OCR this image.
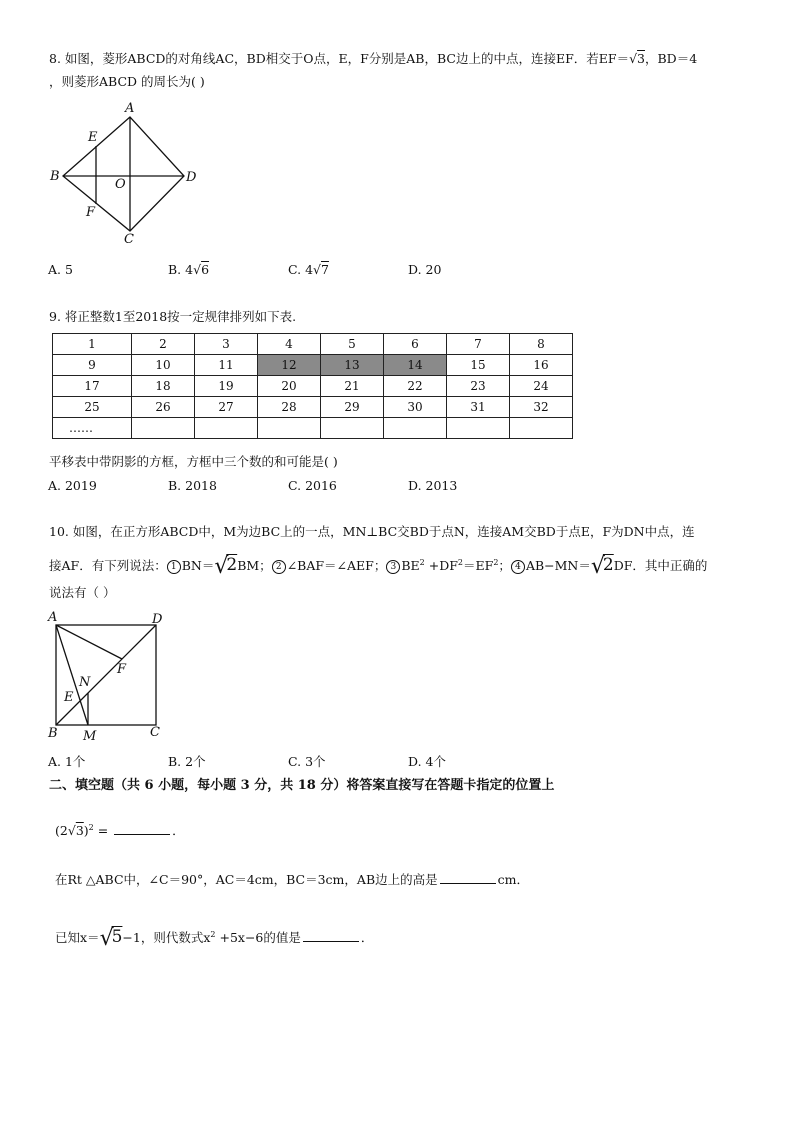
8. 如图，菱形ABCD的对角线AC，BD相交于O点，E，F分别是AB，BC边上的中点，连接EF．若EF＝√3，BD＝4
，则菱形ABCD 的周长为( )
A
B
C
D
E
F
O
A. 5	B. 4√6	C. 4√7	D. 20
9. 将正整数1至2018按一定规律排列如下表.
1	2	3	4	5	6	7	8
9	10	11	12	13	14	15	16
17	18	19	20	21	22	23	24
25	26	27	28	29	30	31	32
……							
平移表中带阴影的方框，方框中三个数的和可能是( )
A. 2019	B. 2018	C. 2016	D. 2013
10. 如图，在正方形ABCD中，M为边BC上的一点，MN⊥BC交BD于点N，连接AM交BD于点E，F为DN中点，连
接AF．有下列说法： 1 BN＝√2BM； 2 ∠BAF＝∠AEF； 3 $BE^2 +DF^2=EF^2$； 4 AB−MN＝√2DF．其中正确的
说法有（ ）
A
B	C
D
E
F
M
N
A. 1个	B. 2个	C. 3个	D. 4个
二、填空题（共 6 小题，每小题 3 分，共 18 分）将答案直接写在答题卡指定的位置上
$(2√3)^2$ =	．
在Rt △ABC中，∠C＝90°，AC＝4cm，BC＝3cm，AB边上的高是	cm．
已知x＝√5−1，则代数式$x^2 +5x-6$的值是	．
